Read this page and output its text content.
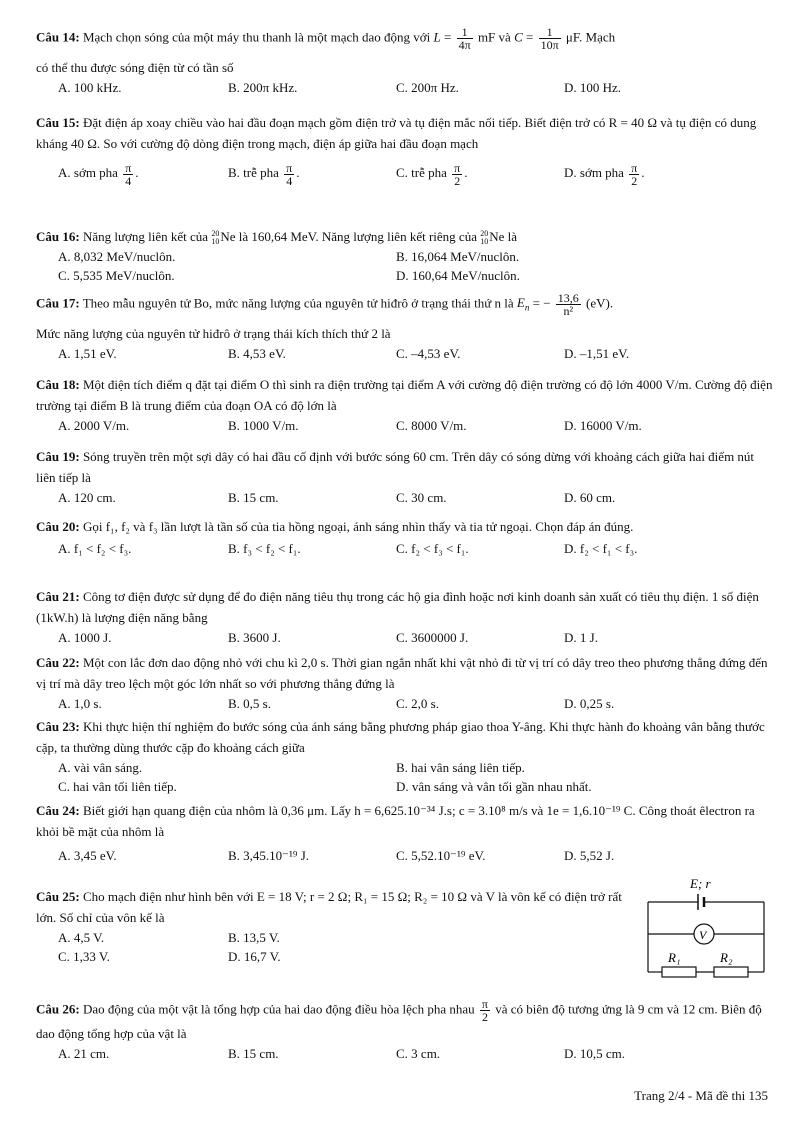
Câu 14: Mạch chọn sóng của một máy thu thanh là một mạch dao động với $L = \frac{1}{4\pi}$ mF và $C = \frac{1}{10\pi} \mu F$. Mạch
có thể thu được sóng điện từ có tần số
A. 100 kHz.	B. 200π kHz.	C. 200π Hz.	D. 100 Hz.
Câu 15: Đặt điện áp xoay chiều vào hai đầu đoạn mạch gồm điện trở và tụ điện mắc nối tiếp. Biết điện trở có R = 40 Ω và tụ điện có dung kháng 40 Ω. So với cường độ dòng điện trong mạch, điện áp giữa hai đầu đoạn mạch
A. sớm pha $\frac{\pi}{4}$ .	B. trễ pha $\frac{\pi}{4}$ .	C. trễ pha $\frac{\pi}{2}$ .	D. sớm pha $\frac{\pi}{2}$ .
Câu 16: Năng lượng liên kết của 20
10 Ne là 160,64 MeV. Năng lượng liên kết riêng của 20
10 Ne là
A. 8,032 MeV/nuclôn.	B. 16,064 MeV/nuclôn.
C. 5,535 MeV/nuclôn.	D. 160,64 MeV/nuclôn.
Câu 17: Theo mẫu nguyên tử Bo, mức năng lượng của nguyên tử hiđrô ở trạng thái thứ n là $E_n$ = − $\frac{13,6}{\text{n²}} (eV)$.
Mức năng lượng của nguyên tử hiđrô ở trạng thái kích thích thứ 2 là
A. 1,51 eV.	B. 4,53 eV.	C. –4,53 eV.	D. –1,51 eV.
Câu 18: Một điện tích điểm q đặt tại điểm O thì sinh ra điện trường tại điểm A với cường độ điện trường có độ lớn 4000 V/m. Cường độ điện trường tại điểm B là trung điểm của đoạn OA có độ lớn là
A. 2000 V/m.	B. 1000 V/m.	C. 8000 V/m.	D. 16000 V/m.
Câu 19: Sóng truyền trên một sợi dây có hai đầu cố định với bước sóng 60 cm. Trên dây có sóng dừng với khoảng cách giữa hai điểm nút liên tiếp là
A. 120 cm.	B. 15 cm.	C. 30 cm.	D. 60 cm.
Câu 20: Gọi f₁, f₂ và f₃ lần lượt là tần số của tia hồng ngoại, ánh sáng nhìn thấy và tia tử ngoại. Chọn đáp án đúng.
A. f₁ < f₂ < f₃.	B. f₃ < f₂ < f₁.	C. f₂ < f₃ < f₁.	D. f₂ < f₁ < f₃.
Câu 21: Công tơ điện được sử dụng để đo điện năng tiêu thụ trong các hộ gia đình hoặc nơi kinh doanh sản xuất có tiêu thụ điện. 1 số điện (1kW.h) là lượng điện năng bằng
A. 1000 J.	B. 3600 J.	C. 3600000 J.	D. 1 J.
Câu 22: Một con lắc đơn dao động nhỏ với chu kì 2,0 s. Thời gian ngắn nhất khi vật nhỏ đi từ vị trí có dây treo theo phương thẳng đứng đến vị trí mà dây treo lệch một góc lớn nhất so với phương thẳng đứng là
A. 1,0 s.	B. 0,5 s.	C. 2,0 s.	D. 0,25 s.
Câu 23: Khi thực hiện thí nghiệm đo bước sóng của ánh sáng bằng phương pháp giao thoa Y-âng. Khi thực hành đo khoảng vân bằng thước cặp, ta thường dùng thước cặp đo khoảng cách giữa
A. vài vân sáng.	B. hai vân sáng liên tiếp.
C. hai vân tối liên tiếp.	D. vân sáng và vân tối gần nhau nhất.
Câu 24: Biết giới hạn quang điện của nhôm là 0,36 μm. Lấy h = 6,625.10⁻³⁴ J.s; c = 3.10⁸ m/s và 1e = 1,6.10⁻¹⁹ C. Công thoát êlectron ra khỏi bề mặt của nhôm là
A. 3,45 eV.	B. 3,45.10⁻¹⁹ J.	C. 5,52.10⁻¹⁹ eV.	D. 5,52 J.
Câu 25: Cho mạch điện như hình bên với E = 18 V; r = 2 Ω; R₁ = 15 Ω; R₂ = 10 Ω và V là vôn kế có điện trở rất lớn. Số chỉ của vôn kế là
A. 4,5 V.	B. 13,5 V.
C. 1,33 V.	D. 16,7 V.
E; r
V
R₁	R₂
Câu 26: Dao động của một vật là tổng hợp của hai dao động điều hòa lệch pha nhau $\frac{\pi}{2}$ và có biên độ tương ứng là 9 cm và 12 cm. Biên độ dao động tổng hợp của vật là
A. 21 cm.	B. 15 cm.	C. 3 cm.	D. 10,5 cm.
Trang 2/4 - Mã đề thi 135
